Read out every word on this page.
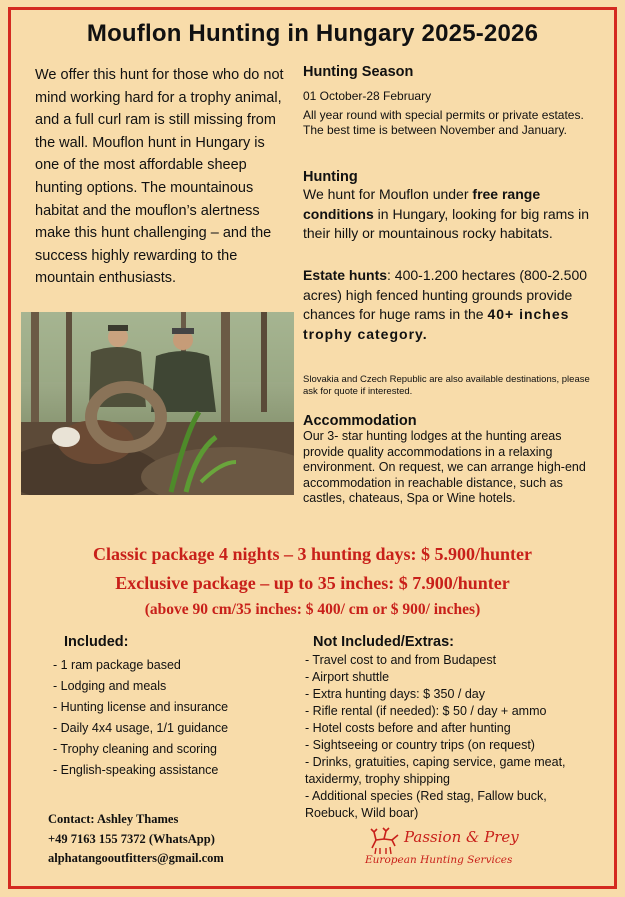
Mouflon Hunting in Hungary 2025-2026
We offer this hunt for those who do not mind working hard for a trophy animal, and a full curl ram is still missing from the wall. Mouflon hunt in Hungary is one of the most affordable sheep hunting options. The mountainous habitat and the mouflon’s alertness make this hunt challenging – and the success highly rewarding to the mountain enthusiasts.
Hunting Season
01 October-28 February
All year round with special permits or private estates. The best time is between November and January.
Hunting
We hunt for Mouflon under free range conditions in Hungary, looking for big rams in their hilly or mountainous rocky habitats.
Estate hunts: 400-1.200 hectares (800-2.500 acres) high fenced hunting grounds provide chances for huge rams in the 40+ inches trophy category.
Slovakia and Czech Republic are also available destinations, please ask for quote if interested.
Accommodation
Our 3- star hunting lodges at the hunting areas provide quality accommodations in a relaxing environment. On request, we can arrange high-end accommodation in reachable distance, such as castles, chateaus, Spa or Wine hotels.
Classic package 4 nights – 3 hunting days: $ 5.900/hunter
Exclusive package – up to 35 inches: $ 7.900/hunter
(above 90 cm/35 inches: $ 400/ cm or $ 900/ inches)
Included:
- 1 ram package based
- Lodging and meals
- Hunting license and insurance
- Daily 4x4 usage, 1/1 guidance
- Trophy cleaning and scoring
- English-speaking assistance
Not Included/Extras:
- Travel cost to and from Budapest
- Airport shuttle
- Extra hunting days: $ 350 / day
- Rifle rental (if needed): $ 50 / day + ammo
- Hotel costs before and after hunting
- Sightseeing or country trips (on request)
- Drinks, gratuities, caping service, game meat, taxidermy, trophy shipping
- Additional species (Red stag, Fallow buck, Roebuck, Wild boar)
Contact: Ashley Thames
+49 7163 155 7372 (WhatsApp)
alphatangooutfitters@gmail.com
Passion & Prey
European Hunting Services
